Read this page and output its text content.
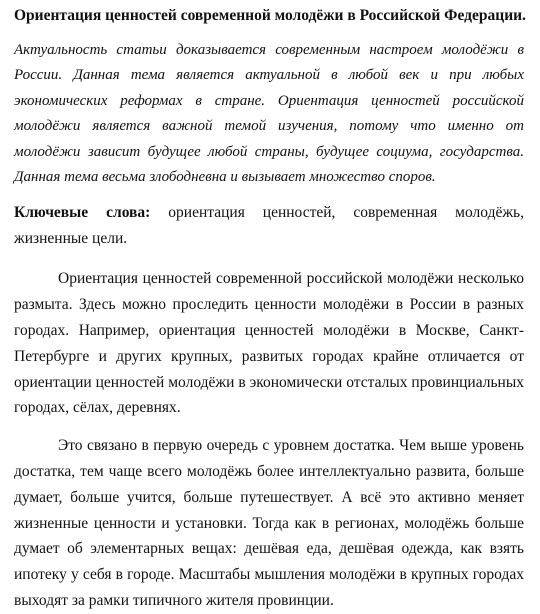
Ориентация ценностей современной молодёжи в Российской Федерации.
Актуальность статьи доказывается современным настроем молодёжи в России. Данная тема является актуальной в любой век и при любых экономических реформах в стране. Ориентация ценностей российской молодёжи является важной темой изучения, потому что именно от молодёжи зависит будущее любой страны, будущее социума, государства. Данная тема весьма злободневна и вызывает множество споров.
Ключевые слова: ориентация ценностей, современная молодёжь, жизненные цели.
Ориентация ценностей современной российской молодёжи несколько размыта. Здесь можно проследить ценности молодёжи в России в разных городах. Например, ориентация ценностей молодёжи в Москве, Санкт-Петербурге и других крупных, развитых городах крайне отличается от ориентации ценностей молодёжи в экономически отсталых провинциальных городах, сёлах, деревнях.
Это связано в первую очередь с уровнем достатка. Чем выше уровень достатка, тем чаще всего молодёжь более интеллектуально развита, больше думает, больше учится, больше путешествует. А всё это активно меняет жизненные ценности и установки. Тогда как в регионах, молодёжь больше думает об элементарных вещах: дешёвая еда, дешёвая одежда, как взять ипотеку у себя в городе. Масштабы мышления молодёжи в крупных городах выходят за рамки типичного жителя провинции.
